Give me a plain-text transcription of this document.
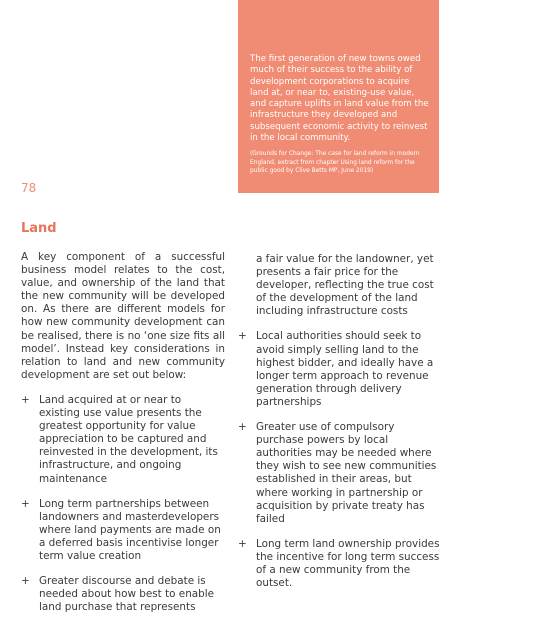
The first generation of new towns owed much of their success to the ability of development corporations to acquire land at, or near to, existing-use value, and capture uplifts in land value from the infrastructure they developed and subsequent economic activity to reinvest in the local community.

(Grounds for Change: The case for land reform in modern England, extract from chapter Using land reform for the public good by Clive Betts MP, June 2019)

78
Land

A key component of a successful business model relates to the cost, value, and ownership of the land that the new community will be developed on. As there are different models for how new community development can be realised, there is no ‘one size fits all model’. Instead key considerations in relation to land and new community development are set out below:

+ Land acquired at or near to existing use value presents the greatest opportunity for value appreciation to be captured and reinvested in the development, its infrastructure, and ongoing maintenance
+ Long term partnerships between landowners and masterdevelopers where land payments are made on a deferred basis incentivise longer term value creation
+ Greater discourse and debate is needed about how best to enable land purchase that represents

a fair value for the landowner, yet presents a fair price for the developer, reflecting the true cost of the development of the land including infrastructure costs

+ Local authorities should seek to avoid simply selling land to the highest bidder, and ideally have a longer term approach to revenue generation through delivery partnerships
+ Greater use of compulsory purchase powers by local authorities may be needed where they wish to see new communities established in their areas, but where working in partnership or acquisition by private treaty has failed
+ Long term land ownership provides the incentive for long term success of a new community from the outset.
